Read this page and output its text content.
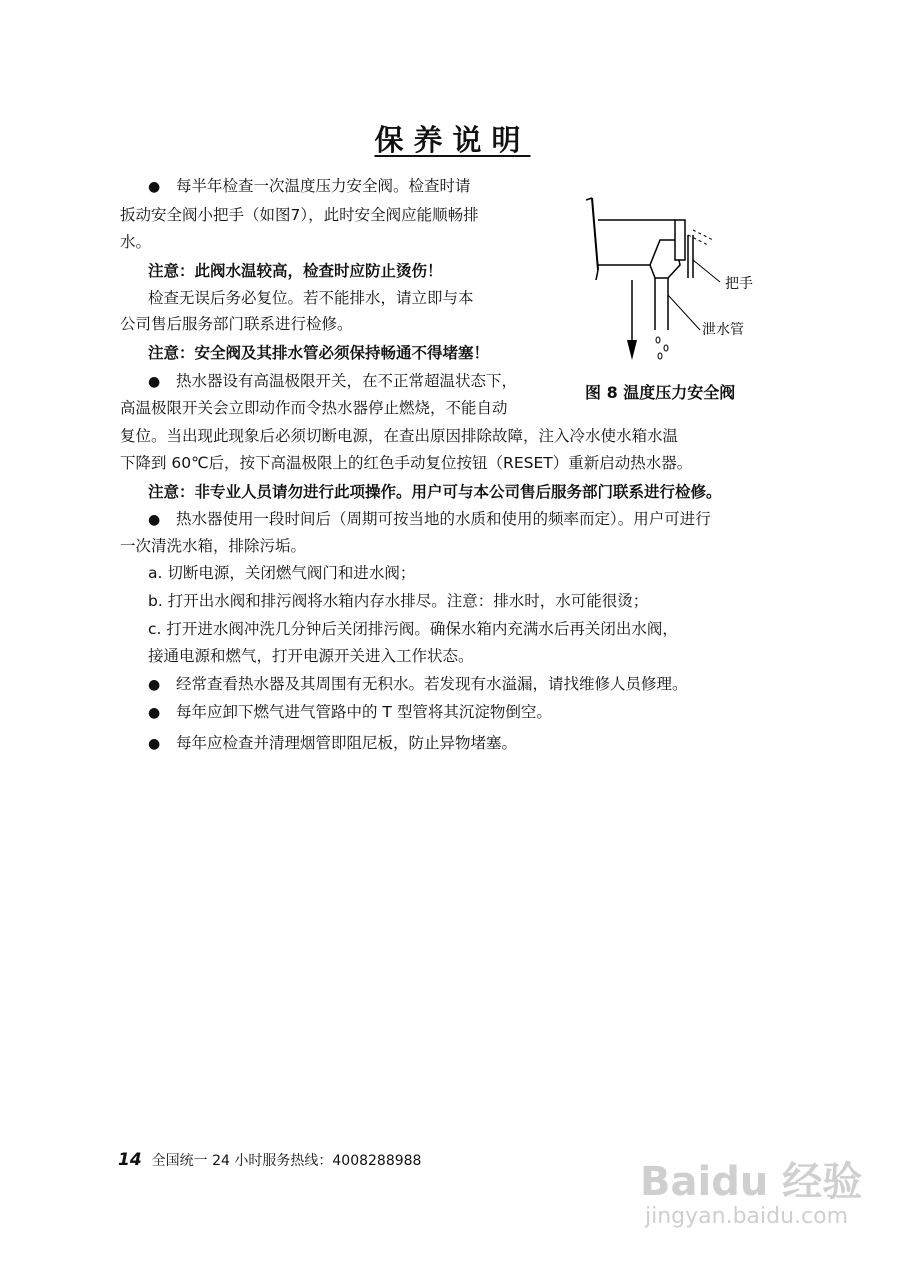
保养说明
● 每半年检查一次温度压力安全阀。检查时请
扳动安全阀小把手（如图7），此时安全阀应能顺畅排
水。
注意：此阀水温较高，检查时应防止烫伤！
检查无误后务必复位。若不能排水，请立即与本
公司售后服务部门联系进行检修。
注意：安全阀及其排水管必须保持畅通不得堵塞！
● 热水器设有高温极限开关，在不正常超温状态下，
高温极限开关会立即动作而令热水器停止燃烧，不能自动
复位。当出现此现象后必须切断电源，在查出原因排除故障，注入冷水使水箱水温
下降到 60℃后，按下高温极限上的红色手动复位按钮（RESET）重新启动热水器。
注意：非专业人员请勿进行此项操作。用户可与本公司售后服务部门联系进行检修。
● 热水器使用一段时间后（周期可按当地的水质和使用的频率而定）。用户可进行
一次清洗水箱，排除污垢。
a. 切断电源，关闭燃气阀门和进水阀；
b. 打开出水阀和排污阀将水箱内存水排尽。注意：排水时，水可能很烫；
c. 打开进水阀冲洗几分钟后关闭排污阀。确保水箱内充满水后再关闭出水阀，
接通电源和燃气，打开电源开关进入工作状态。
● 经常查看热水器及其周围有无积水。若发现有水溢漏，请找维修人员修理。
● 每年应卸下燃气进气管路中的 T 型管将其沉淀物倒空。
● 每年应检查并清理烟管即阻尼板，防止异物堵塞。
把手
泄水管
图 8 温度压力安全阀
14 全国统一 24 小时服务热线：4008288988	Baidu 经验
jingyan.baidu.com
